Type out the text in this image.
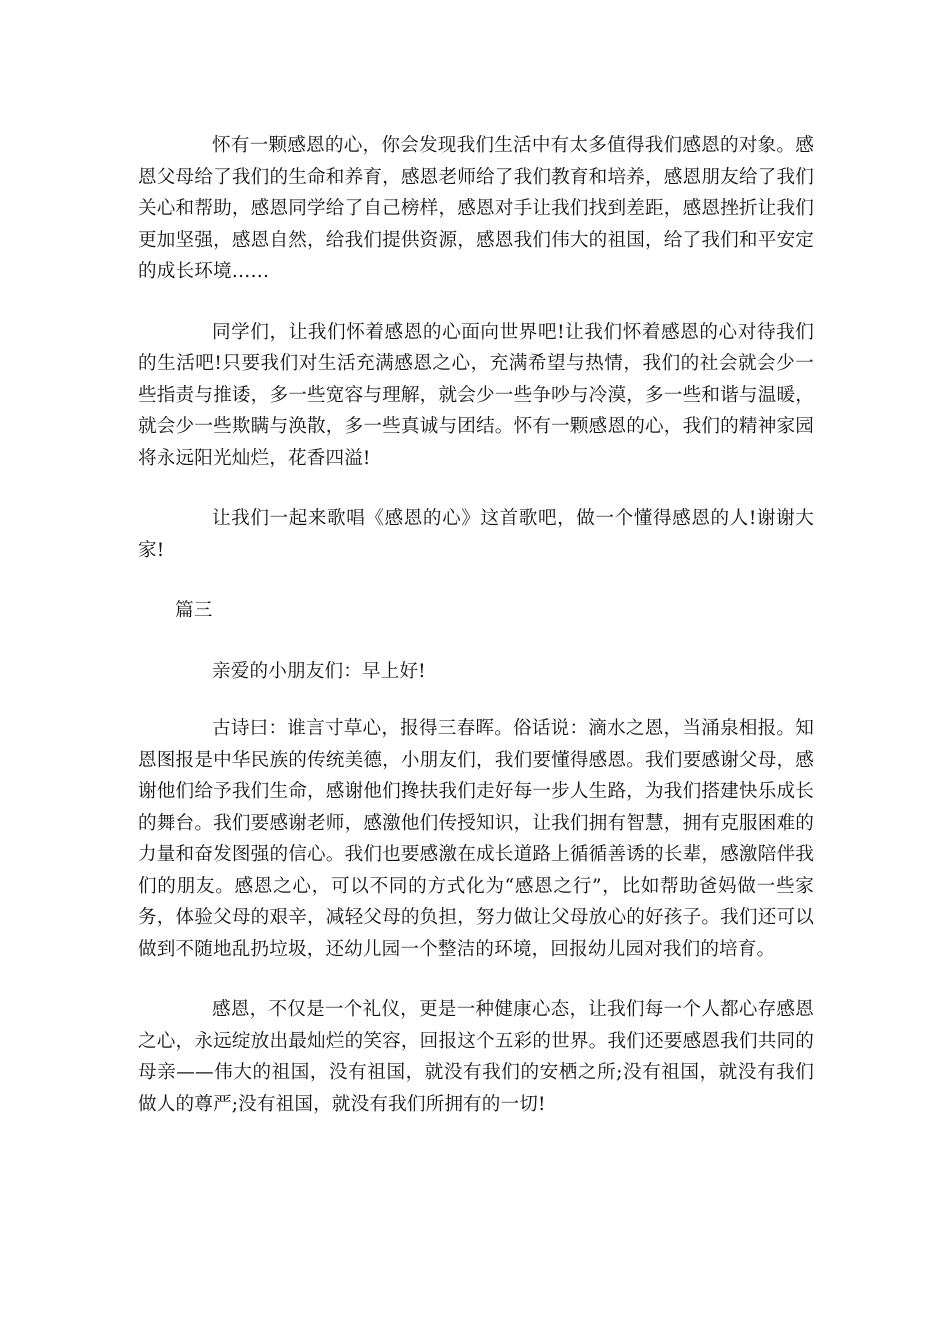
怀有一颗感恩的心，你会发现我们生活中有太多值得我们感恩的对象。感恩父母给了我们的生命和养育，感恩老师给了我们教育和培养，感恩朋友给了我们关心和帮助，感恩同学给了自己榜样，感恩对手让我们找到差距，感恩挫折让我们更加坚强，感恩自然，给我们提供资源，感恩我们伟大的祖国，给了我们和平安定的成长环境……

同学们，让我们怀着感恩的心面向世界吧!让我们怀着感恩的心对待我们的生活吧!只要我们对生活充满感恩之心，充满希望与热情，我们的社会就会少一些指责与推诿，多一些宽容与理解，就会少一些争吵与冷漠，多一些和谐与温暖，就会少一些欺瞒与涣散，多一些真诚与团结。怀有一颗感恩的心，我们的精神家园将永远阳光灿烂，花香四溢!

让我们一起来歌唱《感恩的心》这首歌吧，做一个懂得感恩的人!谢谢大家!

篇三

亲爱的小朋友们：早上好!

古诗曰：谁言寸草心，报得三春晖。俗话说：滴水之恩，当涌泉相报。知恩图报是中华民族的传统美德，小朋友们，我们要懂得感恩。我们要感谢父母，感谢他们给予我们生命，感谢他们搀扶我们走好每一步人生路，为我们搭建快乐成长的舞台。我们要感谢老师，感激他们传授知识，让我们拥有智慧，拥有克服困难的力量和奋发图强的信心。我们也要感激在成长道路上循循善诱的长辈，感激陪伴我们的朋友。感恩之心，可以不同的方式化为“感恩之行”，比如帮助爸妈做一些家务，体验父母的艰辛，减轻父母的负担，努力做让父母放心的好孩子。我们还可以做到不随地乱扔垃圾，还幼儿园一个整洁的环境，回报幼儿园对我们的培育。

感恩，不仅是一个礼仪，更是一种健康心态，让我们每一个人都心存感恩之心，永远绽放出最灿烂的笑容，回报这个五彩的世界。我们还要感恩我们共同的母亲——伟大的祖国，没有祖国，就没有我们的安栖之所;没有祖国，就没有我们做人的尊严;没有祖国，就没有我们所拥有的一切!
